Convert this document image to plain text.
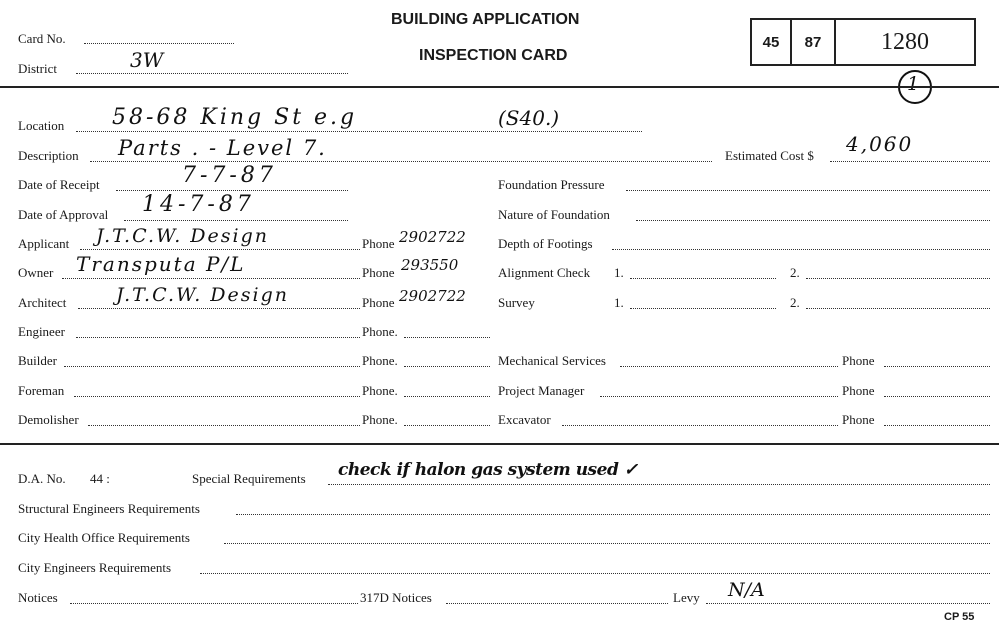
Card No.
District	3W
BUILDING APPLICATION
INSPECTION CARD
45	87	1280
1
Location 58-68 King St e.g	(S40.)
Description Parts . - Level 7.	Estimated Cost $ 4,060
Date of Receipt	7-7-87	Foundation Pressure
Date of Approval 14-7-87	Nature of Foundation
Applicant J.T.C.W. Design	Phone 2902722 Depth of Footings
Owner Transputa P/L	Phone 293550	Alignment Check 1.	2.
Architect	J.T.C.W. Design	Phone 2902722 Survey	1.	2.
Engineer	Phone.
Builder	Phone.	Mechanical Services	Phone
Foreman	Phone.	Project Manager	Phone
Demolisher	Phone.	Excavator	Phone
D.A. No. 44 :	Special Requirements check if halon gas system used ✓
Structural Engineers Requirements
City Health Office Requirements
City Engineers Requirements
Notices	317D Notices	Levy N/A
CP 55
